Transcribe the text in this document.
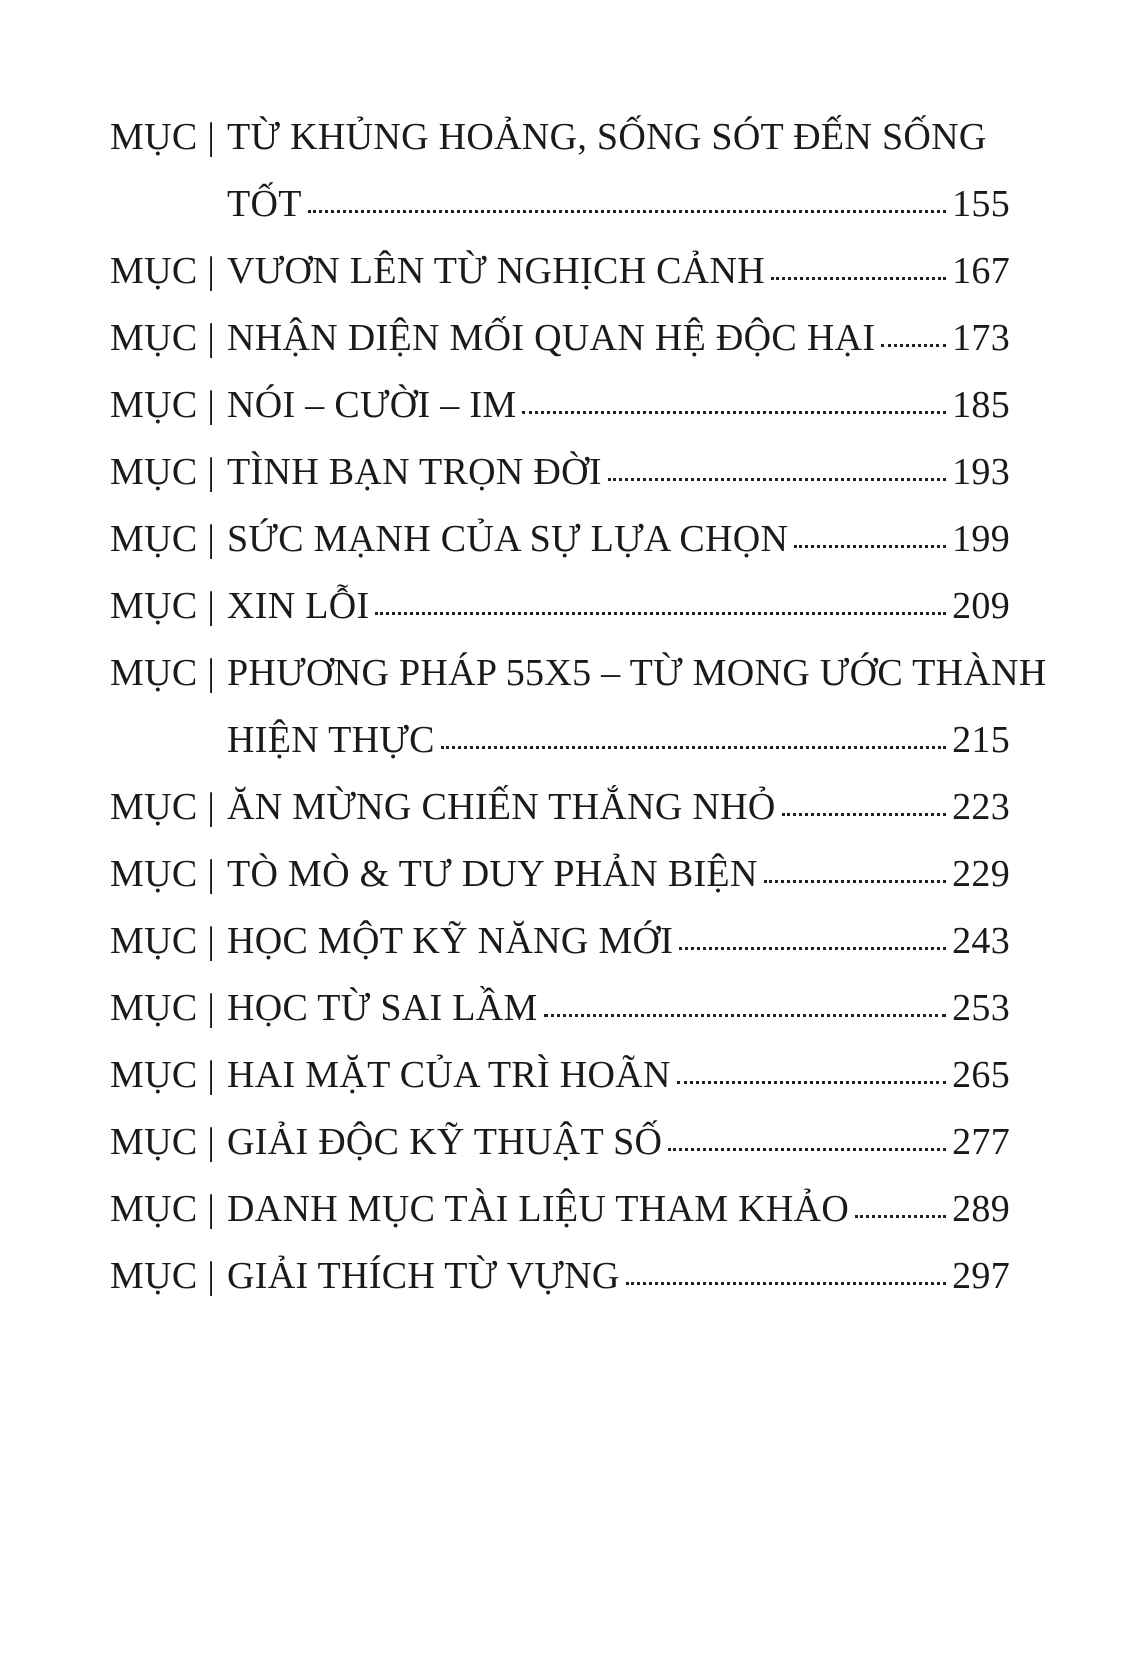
MỤC | TỪ KHỦNG HOẢNG, SỐNG SÓT ĐẾN SỐNG
TỐT	155
MỤC | VƯƠN LÊN TỪ NGHỊCH CẢNH	167
MỤC | NHẬN DIỆN MỐI QUAN HỆ ĐỘC HẠI 173
MỤC | NÓI – CƯỜI – IM	185
MỤC | TÌNH BẠN TRỌN ĐỜI	193
MỤC | SỨC MẠNH CỦA SỰ LỰA CHỌN	199
MỤC | XIN LỖI	209
MỤC | PHƯƠNG PHÁP 55X5 – TỪ MONG ƯỚC THÀNH
HIỆN THỰC	215
MỤC | ĂN MỪNG CHIẾN THẮNG NHỎ	223
MỤC | TÒ MÒ & TƯ DUY PHẢN BIỆN	229
MỤC | HỌC MỘT KỸ NĂNG MỚI	243
MỤC | HỌC TỪ SAI LẦM	253
MỤC | HAI MẶT CỦA TRÌ HOÃN	265
MỤC | GIẢI ĐỘC KỸ THUẬT SỐ	277
MỤC | DANH MỤC TÀI LIỆU THAM KHẢO	289
MỤC | GIẢI THÍCH TỪ VỰNG	297
